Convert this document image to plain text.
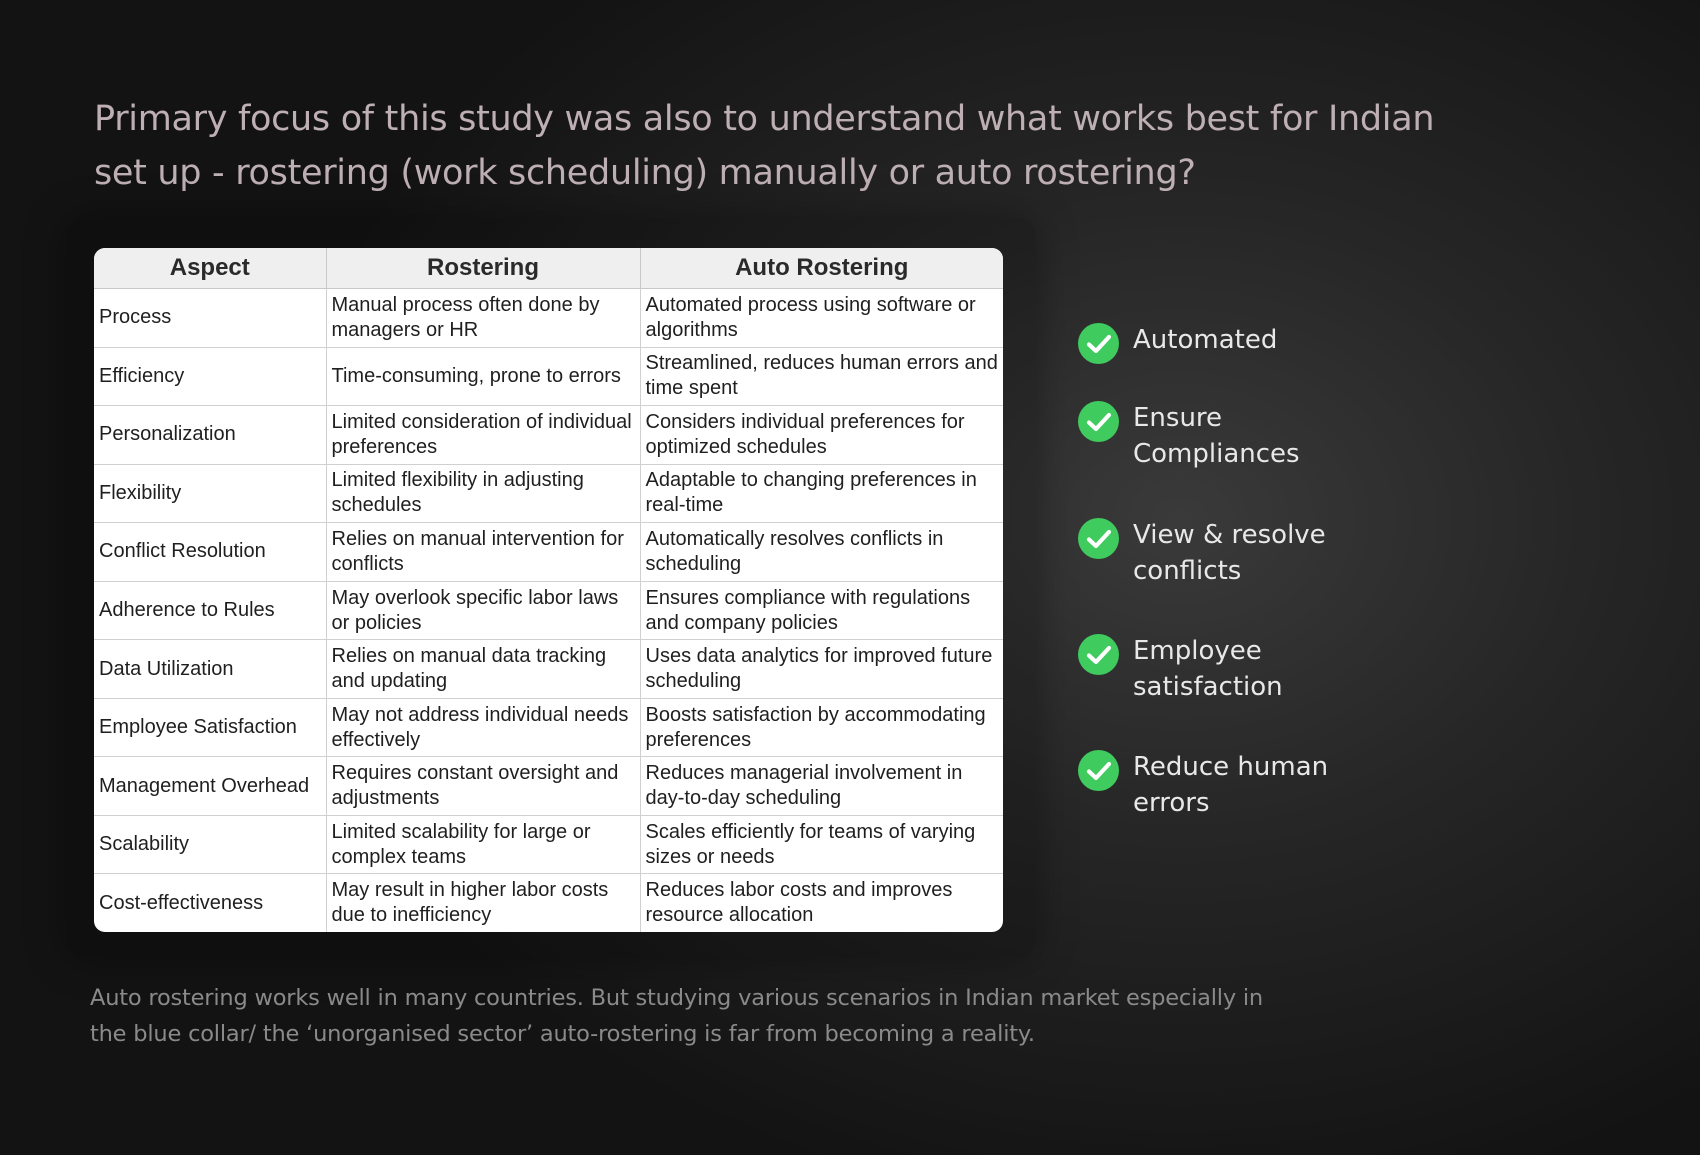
Primary focus of this study was also to understand what works best for Indian set up - rostering (work scheduling) manually or auto rostering?
Aspect	Rostering	Auto Rostering
Process	Manual process often done by managers or HR	Automated process using software or algorithms
Efficiency	Time-consuming, prone to errors	Streamlined, reduces human errors and time spent
Personalization	Limited consideration of individual preferences	Considers individual preferences for optimized schedules
Flexibility	Limited flexibility in adjusting schedules	Adaptable to changing preferences in real-time
Conflict Resolution	Relies on manual intervention for conflicts	Automatically resolves conflicts in scheduling
Adherence to Rules	May overlook specific labor laws or policies	Ensures compliance with regulations and company policies
Data Utilization	Relies on manual data tracking and updating	Uses data analytics for improved future scheduling
Employee Satisfaction	May not address individual needs effectively	Boosts satisfaction by accommodating preferences
Management Overhead	Requires constant oversight and adjustments	Reduces managerial involvement in day-to-day scheduling
Scalability	Limited scalability for large or complex teams	Scales efficiently for teams of varying sizes or needs
Cost-effectiveness	May result in higher labor costs due to inefficiency	Reduces labor costs and improves resource allocation
Automated
Ensure Compliances
View & resolve conflicts
Employee satisfaction
Reduce human errors

Auto rostering works well in many countries. But studying various scenarios in Indian market especially in the blue collar/ the ‘unorganised sector’ auto-rostering is far from becoming a reality.
